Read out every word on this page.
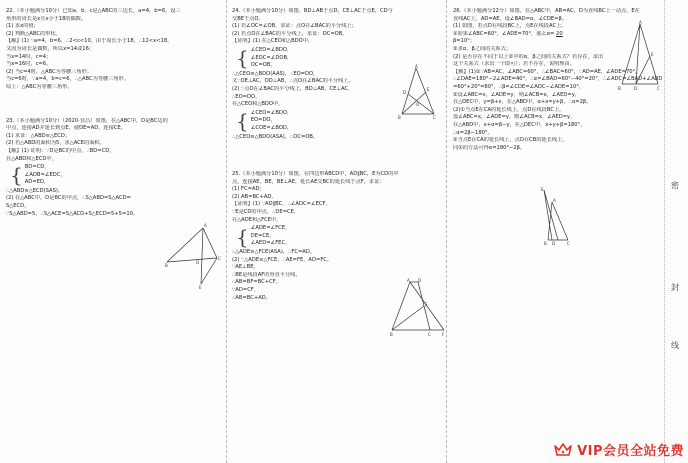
22.（本小题满分10分）已知a，b，c是△ABC的三边长，a=4，b=6，设三
角形的周长是x且x小于18的偶数。
(1) 求x的值；
(2) 判断△ABC的形状。
【解】(1) ∵a=4，b=6，∴2<c<10。由于周长小于18，∴12<x<18，
又因为周长是偶数，所以x=14或16；
当x=14时，c=4；
当x=16时，c=6。
(2) 当c=4时，△ABC为等腰三角形；
当c=6时，∵a=4，b=c=6，∴△ABC为等腰三角形。
综上：△ABC为等腰三角形。
23.（本小题满分10分）（2020·宜昌）如图，在△ABC中，D是BC边的
中点，连接AD并延长到点E，使DE=AD，连接CE。
(1) 求证：△ABD≌△ECD；
(2) 若△ABD的面积为5，求△ACE的面积。
【解】(1) 证明：∵D是BC的中点，∴BD=CD，
在△ABD和△ECD中，
{ BD=CD，
∠ADB=∠EDC，
AD=ED，
∴△ABD≌△ECD(SAS)。
(2) 在△ABC中，D是BC的中点，∴S△ABD=S△ACD=
S△ECD，
∵S△ABD=5，∴S△ACE=S△ACD+S△ECD=5+5=10。
A
B
C
D
E
24.（本小题满分10分）如图，BD⊥AB于点D，CE⊥AC于点E，CD与
交BE于点O。
(1) 若∠OC=∠OB，求证：点O在∠BAC的平分线上；
(2) 若点O在∠BAC的平分线上，求证：OC=OB。
【证明】(1) 在△CEO和△BDO中，
{ ∠CEO=∠BDO，
∠EOC=∠DOB，
OC=OB，
∴△CEO≌△BDO(AAS)，∴EO=DO，
又∵OE⊥AC，OD⊥AB，∴点O在∠BAC的平分线上。
(2) ∵点O在∠BAC的平分线上，BD⊥AB，CE⊥AC，
∴EO=DO，
在△CEO和△BDO中，
{ ∠CEO=∠BDO，
EO=DO，
∠COE=∠BOD，
∴△CEO≌△BDO(ASA)，∴OC=OB。
25.（本小题满分10分）如图，在四边形ABCD中，AD∥BC，E为CD的中
点，连接AE，BE，BE⊥AE，延长AE交BC的延长线于点F。求证：
(1) FC=AD；
(2) AB=BC+AD。
【证明】(1) ∵AD∥BC，∴∠ADC=∠ECF，
∵E是CD的中点，∴DE=CE，
在△ADE和△FCE中，
{ ∠ADE=∠FCE，
DE=CE，
∠AED=∠FEC，
∴△ADE≌△FCE(ASA)，∴FC=AD。
(2) ∵△ADE≌△FCE，∴AE=FE，AD=FC。
∵AE⊥BE，
∴BE是线段AF的垂直平分线，
∴AB=BF=BC+CF。
∵AD=CF，
∴AB=BC+AD。
A
B	C
D
E
O
A D
B	C	F
E
26.（本小题满分12分）如图，在△ABC中，AB=AC，D为直线BC上一动点，E在
直线AC上，AD=AE，设∠BAD=α，∠CDE=β。
(1) 如图，若点D在线段BC上，点E在线段AC上。
①如果∠ABC=60°，∠ADE=70°，那么α= 20
β=10°；
②求α，β之间的关系式；
(2) 是否存在不同于以上②中的α，β之间的关系式？若存在，求出
这个关系式（求出一个即可）；若不存在，说明理由。
【解】(1)①∵AB=AC，∠ABC=60°，∴∠BAC=60°，∵AD=AE，∠ADE=70°，
∴∠DAE=180°−2∠ADE=40°，∴α=∠BAD=60°−40°=20°，∴∠ADC=∠BAD+∠ABD
=60°+20°=80°，∴β=∠CDE=∠ADC−∠ADE=10°，
②设∠ABC=x，∠ADE=y，则∠ACB=x，∠AED=y，
在△DEC中，y=β+x，在△ABD中，α+x=y+β，∴α=2β。
(2)①当点E在CA的延长线上，点D在线段BC上，
设∠ABC=x，∠ADE=y，则∠ACB=x，∠AED=y，
在△ABD中，x+α=β−y，在△DEC中，x+y+β=180°，
∴α=2β−180°。
②当点E在CA的延长线上，点D在CB的延长线上，
同①的方法可得α=180°−2β。
A
B	D	C
E
E
A
B D	C
密
封
线
VIP会员全站免费
